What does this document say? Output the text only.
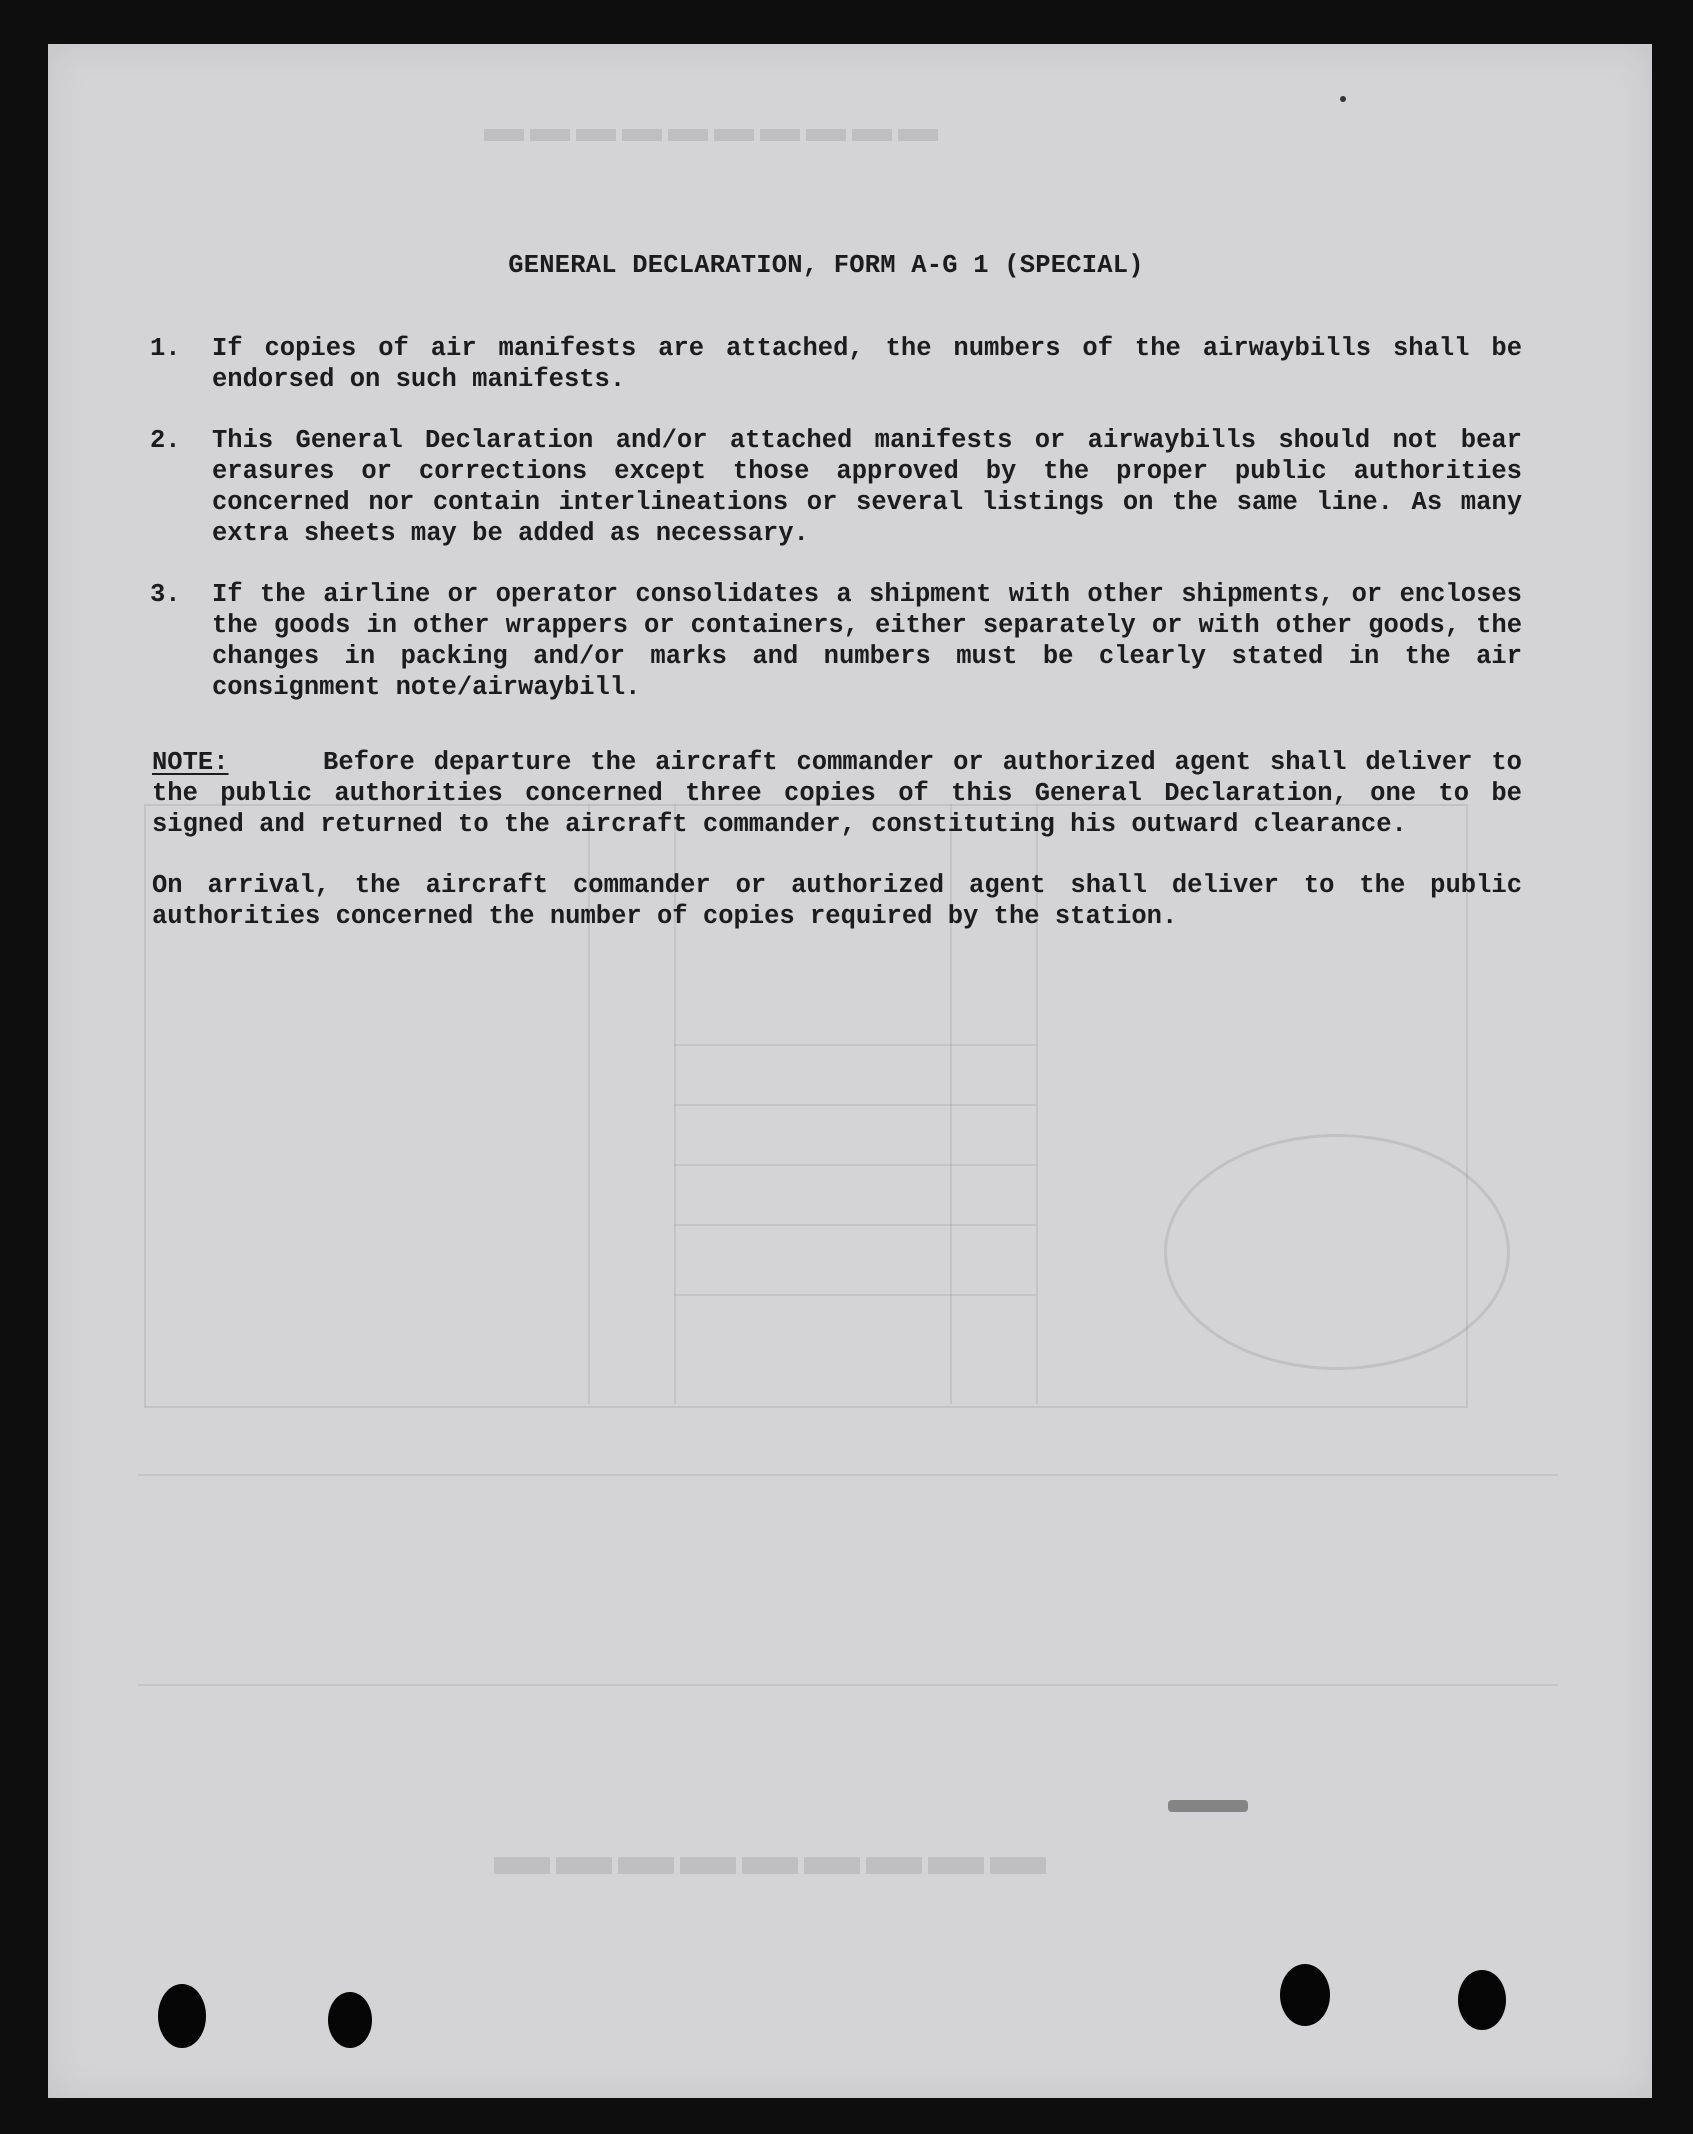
▬▬▬▬▬▬▬▬▬▬
▬▬▬▬▬▬▬▬▬
GENERAL DECLARATION, FORM A-G 1 (SPECIAL)
1.	If copies of air manifests are attached, the numbers of the airwaybills shall be endorsed on such manifests.
2.	This General Declaration and/or attached manifests or airwaybills should not bear erasures or corrections except those approved by the proper public authorities concerned nor contain interlineations or several listings on the same line. As many extra sheets may be added as necessary.
3.	If the airline or operator consolidates a shipment with other shipments, or encloses the goods in other wrappers or containers, either separately or with other goods, the changes in packing and/or marks and numbers must be clearly stated in the air consignment note/airwaybill.
NOTE:	Before departure the aircraft commander or authorized agent shall deliver to the public authorities concerned three copies of this General Declaration, one to be signed and returned to the aircraft commander, constituting his outward clearance.
On arrival, the aircraft commander or authorized agent shall deliver to the public authorities concerned the number of copies required by the station.
